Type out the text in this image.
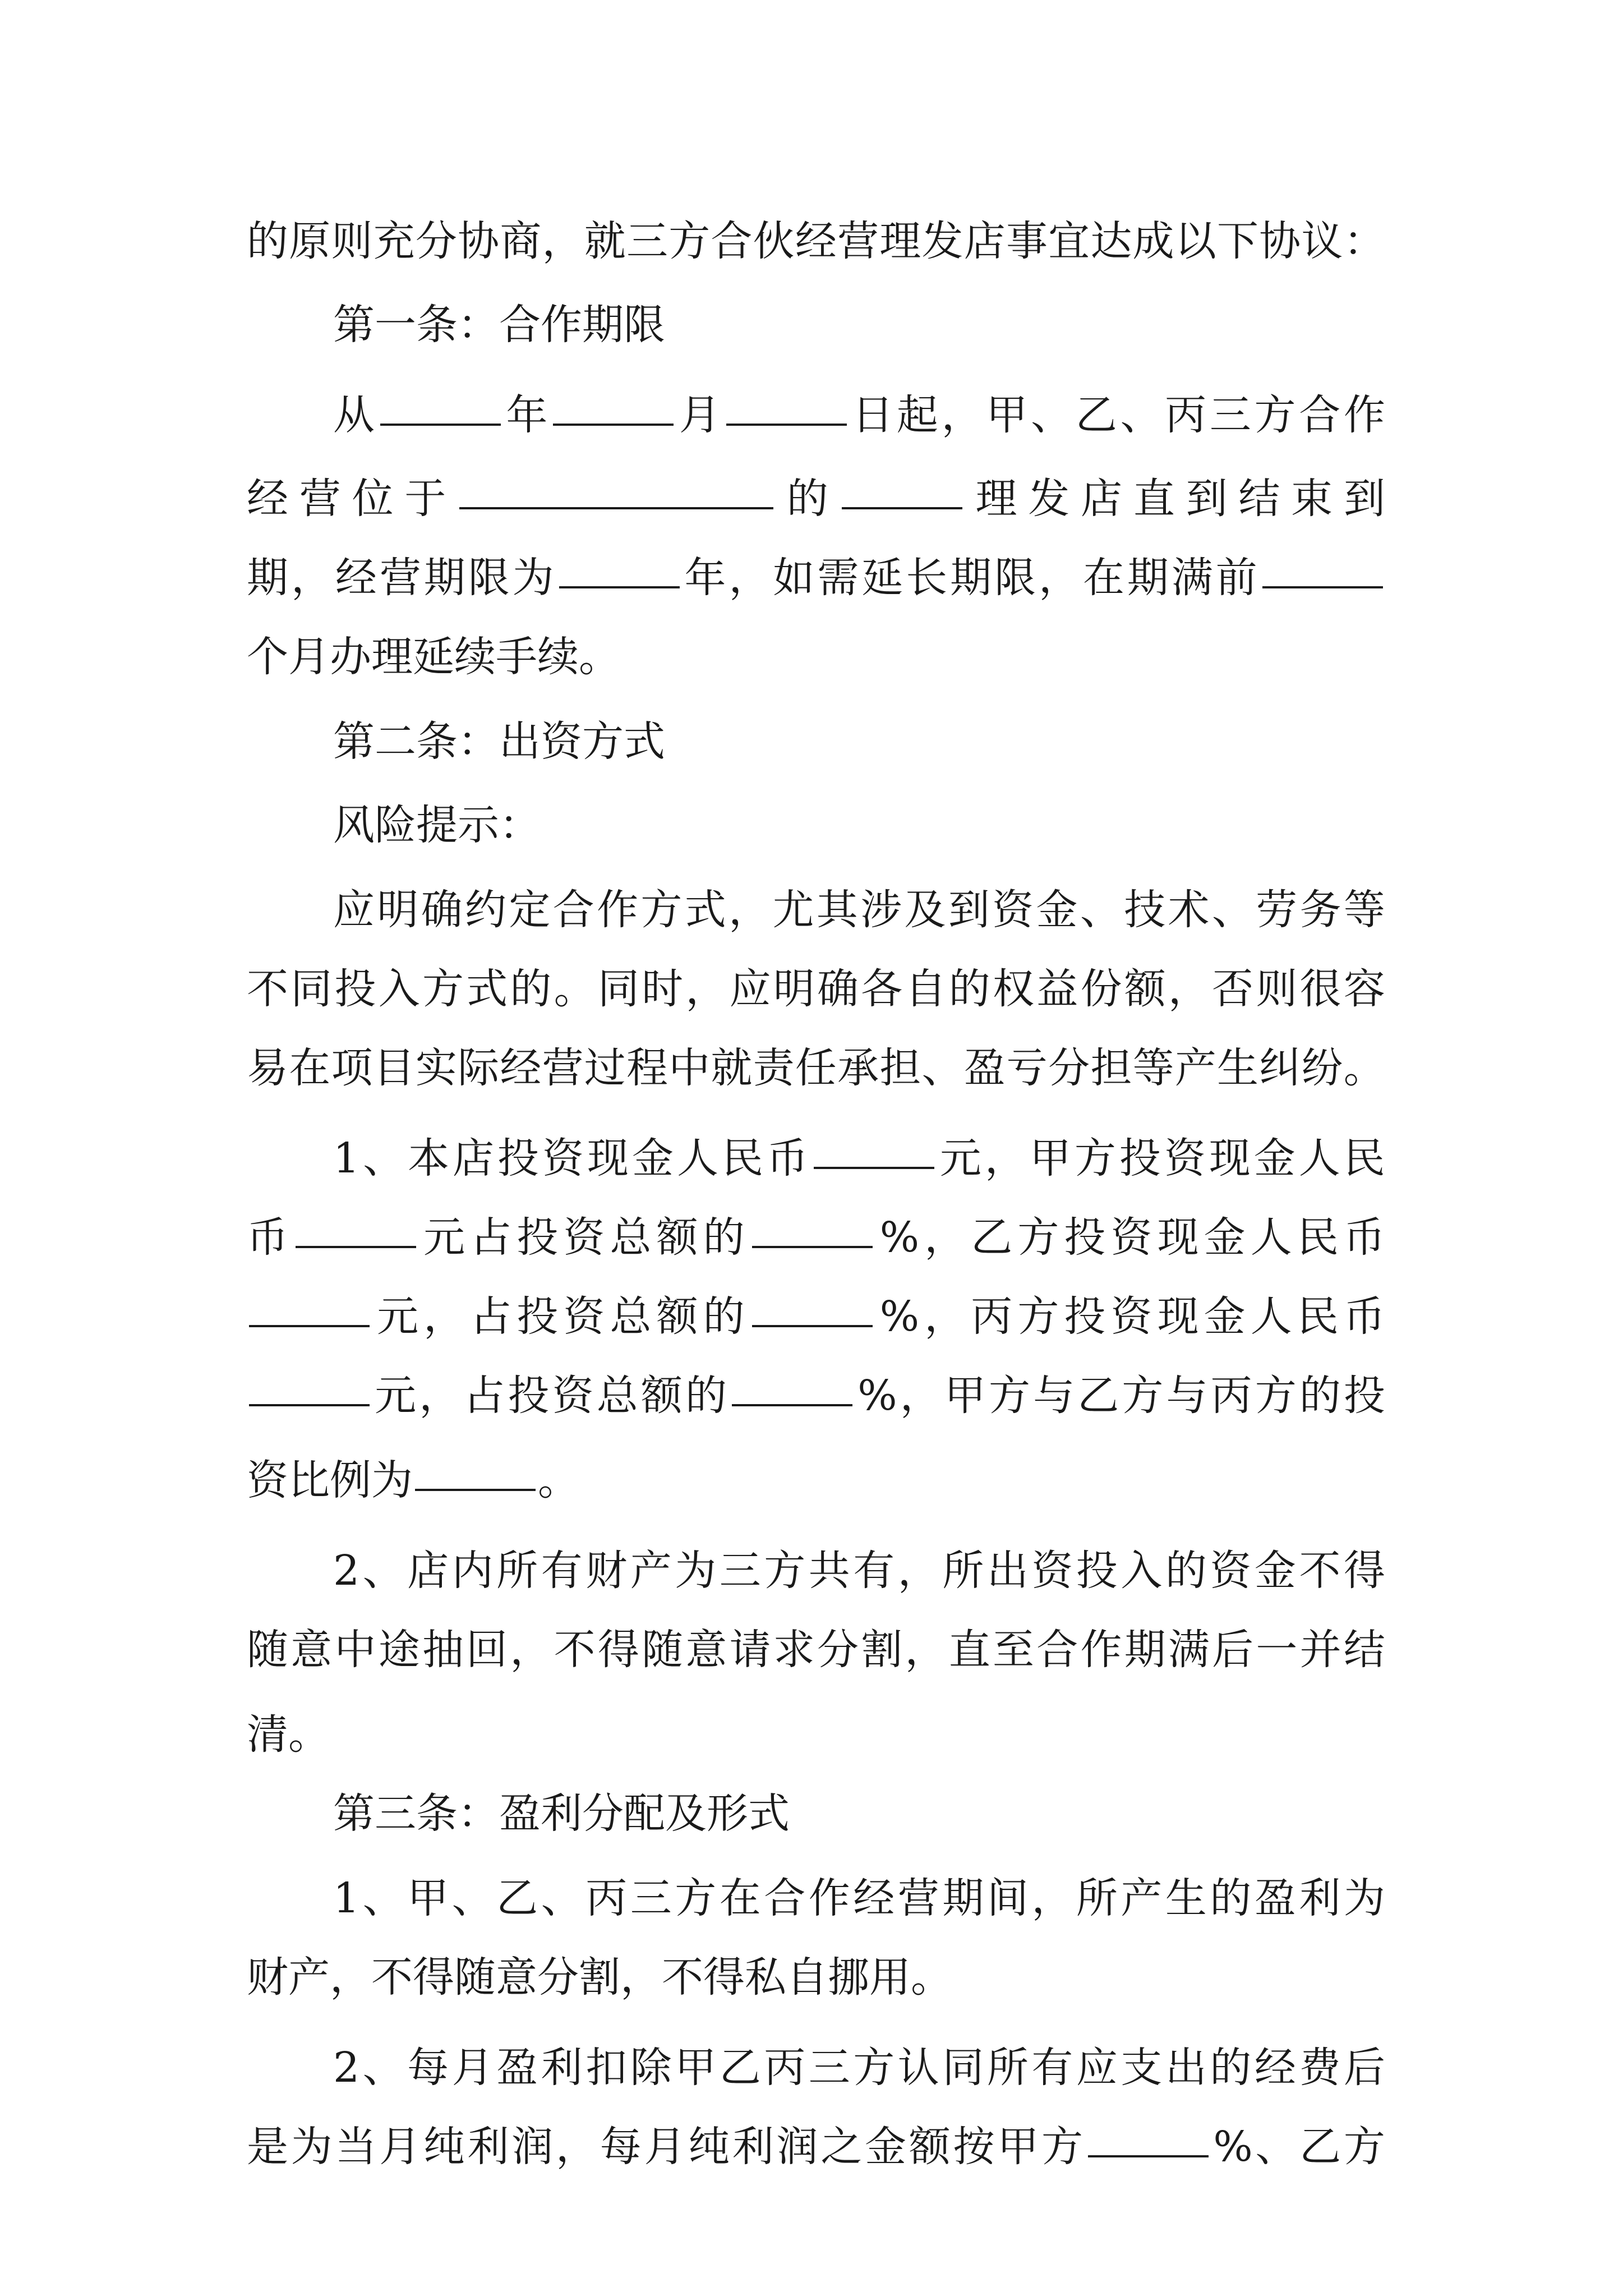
的 原 则 充 分 协 商 ， 就 三 方 合 伙 经 营 理 发 店 事 宜 达 成 以 下 协 议 ：
第一条：合作期限
从	年	月	日 起 ， 甲 、 乙 、 丙 三 方 合 作
经 营 位 于	的	理 发 店 直 到 结 束 到
期 ， 经 营 期 限 为	年 ， 如 需 延 长 期 限 ， 在 期 满 前
个月办理延续手续。
第二条：出资方式
风险提示：
应 明 确 约 定 合 作 方 式 ， 尤 其 涉 及 到 资 金 、 技 术 、 劳 务 等
不 同 投 入 方 式 的 。 同 时 ， 应 明 确 各 自 的 权 益 份 额 ， 否 则 很 容
易 在 项 目 实 际 经 营 过 程 中 就 责 任 承 担 、 盈 亏 分 担 等 产 生 纠 纷 。
1 、 本 店 投 资 现 金 人 民 币	元 ， 甲 方 投 资 现 金 人 民
币	元 占 投 资 总 额 的	% ， 乙 方 投 资 现 金 人 民 币
元 ， 占 投 资 总 额 的	% ， 丙 方 投 资 现 金 人 民 币
元 ， 占 投 资 总 额 的	% ， 甲 方 与 乙 方 与 丙 方 的 投
资 比 例 为	。
2 、 店 内 所 有 财 产 为 三 方 共 有 ， 所 出 资 投 入 的 资 金 不 得
随 意 中 途 抽 回 ， 不 得 随 意 请 求 分 割 ， 直 至 合 作 期 满 后 一 并 结
清。
第三条：盈利分配及形式
1 、 甲 、 乙 、 丙 三 方 在 合 作 经 营 期 间 ， 所 产 生 的 盈 利 为
财产，不得随意分割，不得私自挪用。
2 、 每 月 盈 利 扣 除 甲 乙 丙 三 方 认 同 所 有 应 支 出 的 经 费 后
是 为 当 月 纯 利 润 ， 每 月 纯 利 润 之 金 额 按 甲 方	% 、 乙 方
